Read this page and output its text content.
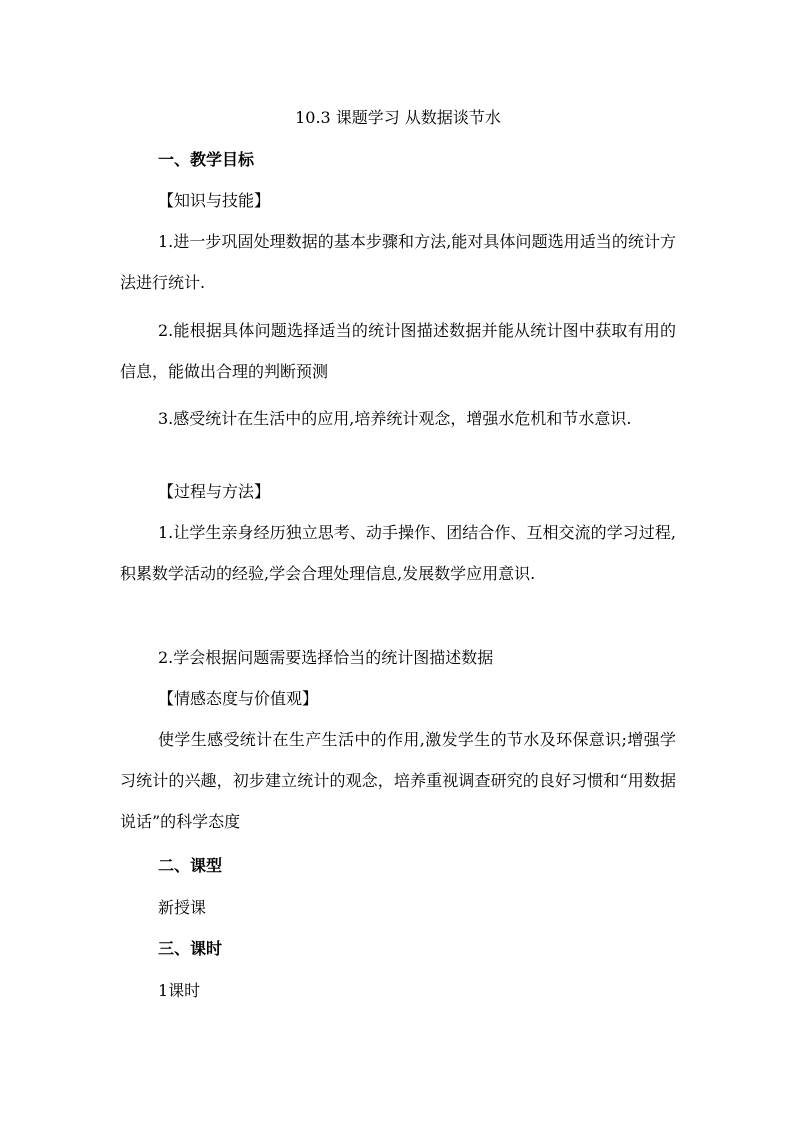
10.3 课题学习 从数据谈节水

一、教学目标

【知识与技能】

1.进一步巩固处理数据的基本步骤和方法,能对具体问题选用适当的统计方法进行统计.

2.能根据具体问题选择适当的统计图描述数据并能从统计图中获取有用的信息，能做出合理的判断预测

3.感受统计在生活中的应用,培养统计观念，增强水危机和节水意识.

【过程与方法】

1.让学生亲身经历独立思考、动手操作、团结合作、互相交流的学习过程,积累数学活动的经验,学会合理处理信息,发展数学应用意识.

2.学会根据问题需要选择恰当的统计图描述数据

【情感态度与价值观】

使学生感受统计在生产生活中的作用,激发学生的节水及环保意识;增强学习统计的兴趣，初步建立统计的观念，培养重视调查研究的良好习惯和“用数据说话”的科学态度

二、课型

新授课

三、课时

1课时
